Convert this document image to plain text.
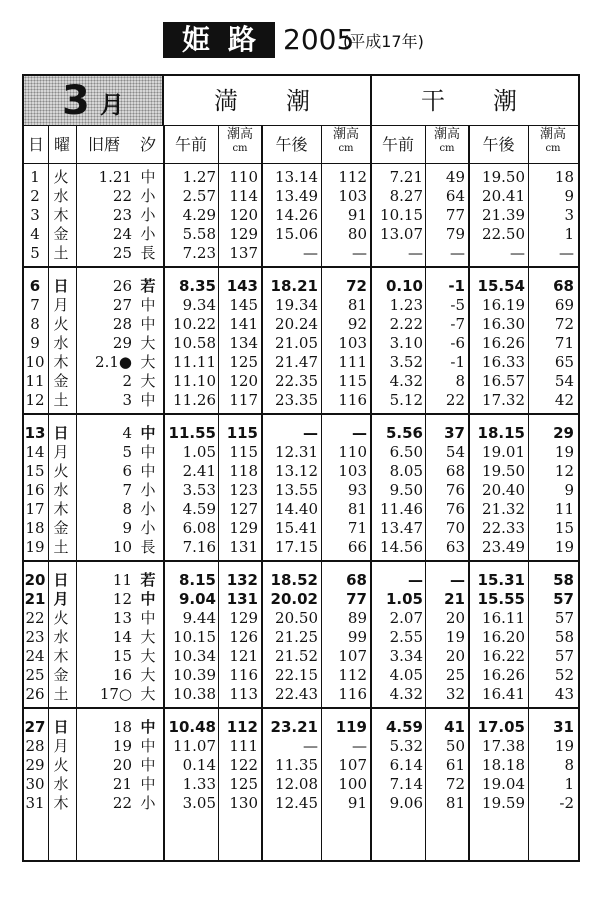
姫路 2005
(平成17年)
3 月	満　　潮	干　　潮
日 曜	旧暦	汐	午前
潮高
cm	午後
潮高
cm	午前
潮高
cm	午後
潮高
cm
1 火	1.21 中	1.27 110	13.14	112	7.21	49	19.50	18
2 水	22 小	2.57 114	13.49	103	8.27	64	20.41	9
3 木	23 小	4.29 120	14.26	91 10.15	77	21.39	3
4 金	24 小	5.58 129	15.06	80 13.07	79	22.50	1
5 土	25 長	7.23 137	—	—	—	—	—	—
6 日	26 若	8.35 143 18.21	72	0.10	-1 15.54	68
7 月	27 中	9.34 145	19.34	81	1.23	-5	16.19	69
8 火	28 中	10.22 141	20.24	92	2.22	-7	16.30	72
9 水	29 大	10.58 134	21.05	103	3.10	-6	16.26	71
10 木	2.1● 大	11.11 125	21.47	111	3.52	-1	16.33	65
11 金	2 大	11.10 120	22.35	115	4.32	8	16.57	54
12 土	3 中	11.26 117	23.35	116	5.12	22	17.32	42
13 日	4 中 11.55 115	—	—	5.56	37 18.15	29
14 月	5 中	1.05 115	12.31	110	6.50	54	19.01	19
15 火	6 中	2.41 118	13.12	103	8.05	68	19.50	12
16 水	7 小	3.53 123	13.55	93	9.50	76	20.40	9
17 木	8 小	4.59 127	14.40	81 11.46	76	21.32	11
18 金	9 小	6.08 129	15.41	71 13.47	70	22.33	15
19 土	10 長	7.16 131	17.15	66 14.56	63	23.49	19
20 日	11 若	8.15 132 18.52	68	—	— 15.31	58
21 月	12 中	9.04 131 20.02	77	1.05	21 15.55	57
22 火	13 中	9.44 129	20.50	89	2.07	20	16.11	57
23 水	14 大	10.15 126	21.25	99	2.55	19	16.20	58
24 木	15 大	10.34 121	21.52	107	3.34	20	16.22	57
25 金	16 大	10.39 116	22.15	112	4.05	25	16.26	52
26 土	17○ 大	10.38 113	22.43	116	4.32	32	16.41	43
27 日	18 中 10.48 112 23.21	119	4.59	41 17.05	31
28 月	19 中	11.07 111	—	—	5.32	50	17.38	19
29 火	20 中	0.14 122	11.35	107	6.14	61	18.18	8
30 水	21 中	1.33 125	12.08	100	7.14	72	19.04	1
31 木	22 小	3.05 130	12.45	91	9.06	81	19.59	-2
